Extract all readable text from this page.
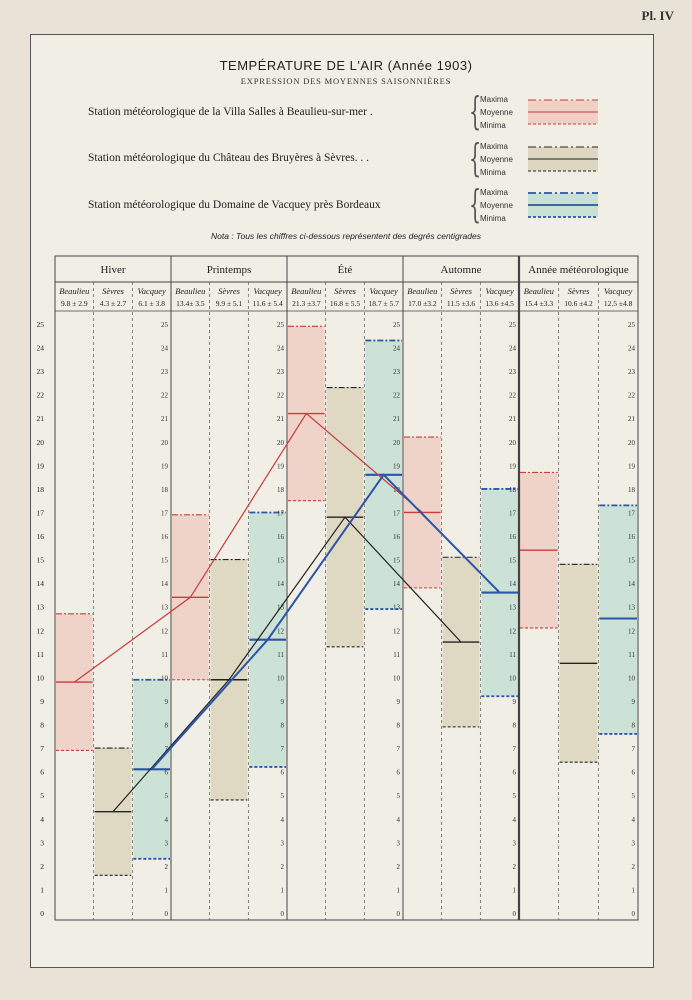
Pl. IV
TEMPÉRATURE DE L'AIR (Année 1903)
EXPRESSION DES MOYENNES SAISONNIÈRES
Station météorologique de la Villa Salles à Beaulieu-sur-mer .
Station météorologique du Château des Bruyères à Sèvres. . .
Station météorologique du Domaine de Vacquey près Bordeaux
{
{
{
Maxima
Moyenne
Minima
Maxima
Moyenne
Minima
Maxima
Moyenne
Minima
Nota : Tous les chiffres ci-dessous représentent des degrés centigrades
Hiver
Beaulieu
9.8 ± 2.9
Sèvres
4.3 ± 2.7
Vacquey
6.1 ± 3.8
Printemps
Beaulieu
13.4± 3.5
Sèvres
9.9 ± 5.1
Vacquey
11.6 ± 5.4
Été
Beaulieu
21.3 ±3.7
Sèvres
16.8 ± 5.5
Vacquey
18.7 ± 5.7
Automne
Beaulieu
17.0 ±3.2
Sèvres
11.5 ±3.6
Vacquey
13.6 ±4.5
Année météorologique
Beaulieu
15.4 ±3.3
Sèvres
10.6 ±4.2
Vacquey
12.5 ±4.8
0	0	0	0	0	0
1	1	1	1	1	1
2	2	2	2	2	2
3	3	3	3	3	3
4	4	4	4	4	4
5	5	5	5	5	5
6	6	6	6	6	6
7	7	7	7	7	7
8	8	8	8	8	8
9	9	9	9	9	9
10	10	10	10	10	10
11	11	11	11	11	11
12	12	12	12	12	12
13	13	13	13	13	13
14	14	14	14	14	14
15	15	15	15	15	15
16	16	16	16	16	16
17	17	17	17	17	17
18	18	18	18	18	18
19	19	19	19	19	19
20	20	20	20	20	20
21	21	21	21	21	21
22	22	22	22	22	22
23	23	23	23	23	23
24	24	24	24	24	24
25	25	25	25	25	25
